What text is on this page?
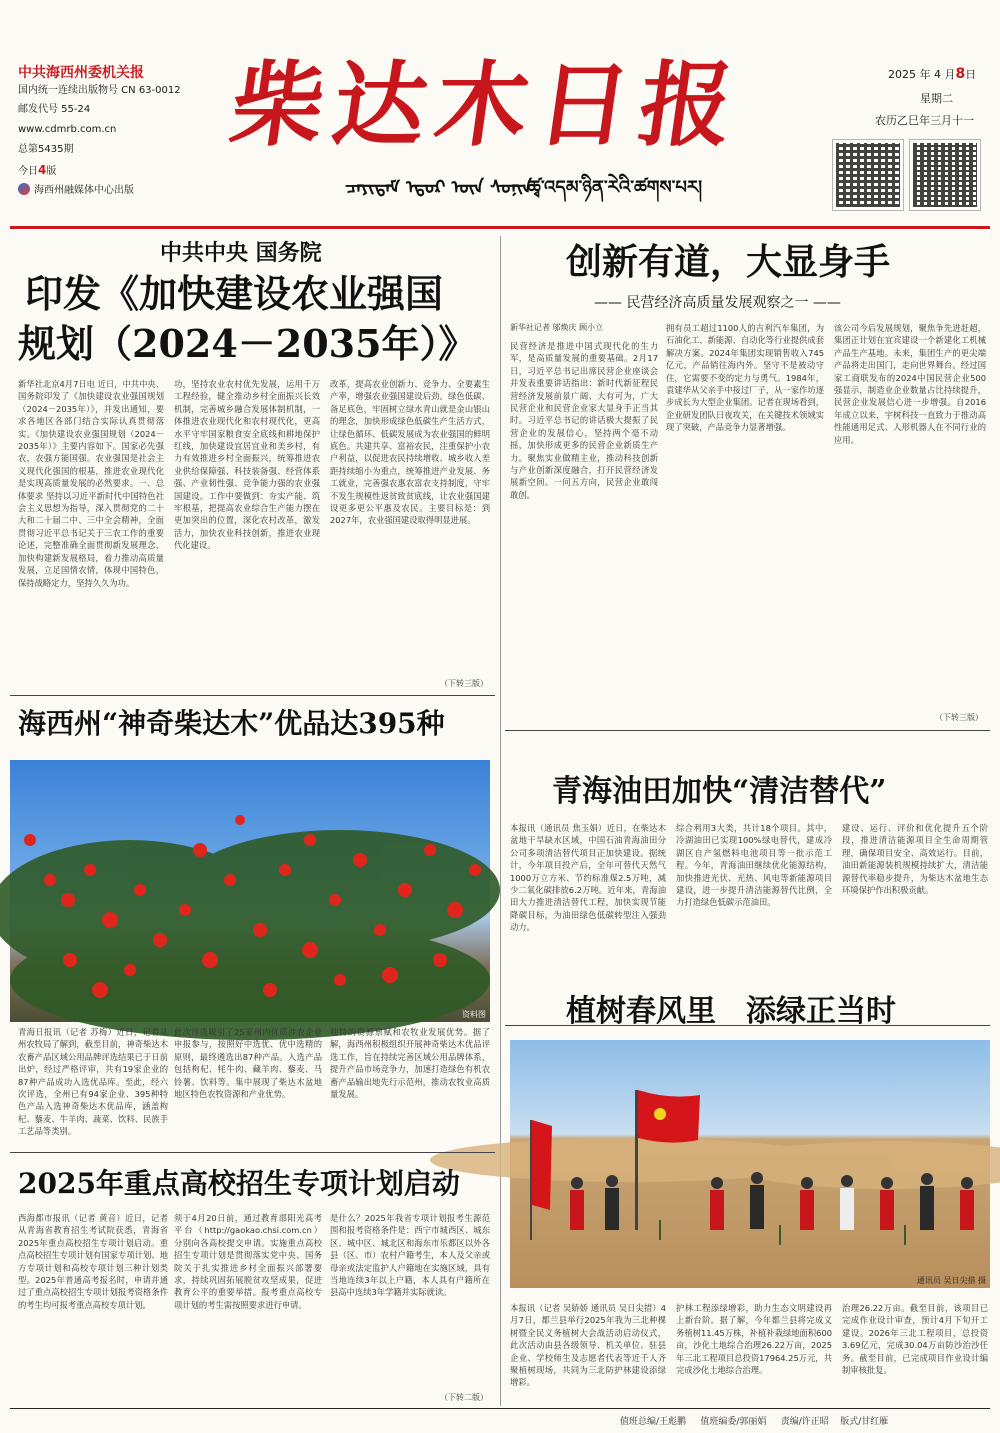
中共海西州委机关报
国内统一连续出版物号 CN 63-0012
邮发代号 55-24
www.cdmrb.com.cn
总第5435期
今日4版
海西州融媒体中心出版
柴达木日报
ᠴᠠᠶᠢᠳᠠᠮ ᠡᠳᠦᠷ ᠦᠨ ᠰᠣᠨᠢᠨ
ཚྭ་འདམ་ཉིན་རེའི་ཚགས་པར།
2025 年 4 月8日
星期二
农历乙巳年三月十一
中共中央 国务院
印发《加快建设农业强国
规划（2024－2035年）》
新华社北京4月7日电 近日，中共中央、国务院印发了《加快建设农业强国规划（2024－2035年）》，并发出通知，要求各地区各部门结合实际认真贯彻落实。《加快建设农业强国规划（2024－2035年）》主要内容如下。国家必先强农，农强方能国强。农业强国是社会主义现代化强国的根基，推进农业现代化是实现高质量发展的必然要求。一、总体要求 坚持以习近平新时代中国特色社会主义思想为指导，深入贯彻党的二十大和二十届二中、三中全会精神，全面贯彻习近平总书记关于三农工作的重要论述，完整准确全面贯彻新发展理念，加快构建新发展格局，着力推动高质量发展，立足国情农情，体现中国特色，保持战略定力，坚持久久为功。
功，坚持农业农村优先发展，运用千万工程经验，健全推动乡村全面振兴长效机制，完善城乡融合发展体制机制，一体推进农业现代化和农村现代化，更高水平守牢国家粮食安全底线和耕地保护红线，加快建设宜居宜业和美乡村，有力有效推进乡村全面振兴，统筹推进农业供给保障强、科技装备强、经营体系强、产业韧性强、竞争能力强的农业强国建设。工作中要做到：夯实产能、筑牢根基，把提高农业综合生产能力摆在更加突出的位置，深化农村改革，激发活力，加快农业科技创新，推进农业现代化建设。
改革，提高农业创新力、竞争力、全要素生产率，增强农业强国建设后劲。绿色低碳、备足底色，牢固树立绿水青山就是金山银山的理念，加快形成绿色低碳生产生活方式，让绿色循环、低碳发展成为农业强国的鲜明底色。共建共享、富裕农民，注重保护小农户利益，以促进农民持续增收、城乡收入差距持续缩小为重点，统筹推进产业发展、务工就业，完善强农惠农富农支持制度，守牢不发生规模性返贫致贫底线，让农业强国建设更多更公平惠及农民。主要目标是：到2027年，农业强国建设取得明显进展。
（下转三版）
创新有道，大显身手
—— 民营经济高质量发展观察之一 ——
新华社记者 邬焕庆 顾小立
民营经济是推进中国式现代化的生力军，是高质量发展的重要基础。2月17日，习近平总书记出席民营企业座谈会并发表重要讲话指出：新时代新征程民营经济发展前景广阔、大有可为，广大民营企业和民营企业家大显身手正当其时。习近平总书记的讲话极大提振了民营企业的发展信心，坚持两个毫不动摇，加快形成更多的民营企业新质生产力。聚焦实业做精主业，推动科技创新与产业创新深度融合，打开民营经济发展新空间。一问五方向，民营企业敢闯敢创。
拥有员工超过1100人的吉利汽车集团，为石油化工、新能源、自动化等行业提供成套解决方案。2024年集团实现销售收入745亿元，产品销往海内外。坚守不是被动守住，它需要不变的定力与勇气。1984年，袁建华从父亲手中接过厂子，从一家作坊逐步成长为大型企业集团。记者在现场看到，企业研发团队日夜攻关，在关键技术领域实现了突破，产品竞争力显著增强。
该公司今后发展规划，聚焦争先进赶超，集团正计划在宜宾建设一个新建化工机械产品生产基地。未来，集团生产的更尖端产品将走出国门，走向世界舞台。经过国家工商联发布的2024中国民营企业500强显示，制造业企业数量占比持续提升，民营企业发展信心进一步增强。自2016年成立以来，宇树科技一直致力于推动高性能通用足式、人形机器人在不同行业的应用。
（下转三版）
海西州“神奇柴达木”优品达395种
资料图
青海日报讯（记者 苏梅）近日，记者从州农牧局了解到，截至目前，神奇柴达木农畜产品区域公用品牌评选结果已于日前出炉，经过严格评审，共有19家企业的87种产品成功入选优品库。至此，经六次评选，全州已有94家企业、395种特色产品入选神奇柴达木优品库，涵盖枸杞、藜麦、牛羊肉、蔬菜、饮料、民族手工艺品等类别。
此次评选吸引了25家州内优质涉农企业申报参与，按照好中选优、优中选精的原则，最终遴选出87种产品。入选产品包括枸杞、牦牛肉、藏羊肉、藜麦、马铃薯、饮料等。集中展现了柴达木盆地地区特色农牧资源和产业优势。
独特的资源禀赋和农牧业发展优势。据了解，海西州积极组织开展神奇柴达木优品评选工作，旨在持续完善区域公用品牌体系，提升产品市场竞争力，加速打造绿色有机农畜产品输出地先行示范州，推动农牧业高质量发展。
青海油田加快“清洁替代”
本报讯（通讯员 焦玉娟）近日，在柴达木盆地干旱缺水区域，中国石油青海油田分公司多项清洁替代项目正加快建设。据统计，今年项目投产后，全年可替代天然气1000万立方米、节约标准煤2.5万吨，减少二氧化碳排放6.2万吨。近年来，青海油田大力推进清洁替代工程，加快实现节能降碳目标，为油田绿色低碳转型注入强劲动力。
综合利用3大类，共计18个项目。其中，冷湖油田已实现100%绿电替代，建成冷湖区自产氢燃料电池项目等一批示范工程。今年，青海油田继续优化能源结构，加快推进光伏、光热、风电等新能源项目建设，进一步提升清洁能源替代比例，全力打造绿色低碳示范油田。
建设、运行、评价和优化提升五个阶段，推进清洁能源项目全生命周期管理，确保项目安全、高效运行。目前，油田新能源装机规模持续扩大，清洁能源替代率稳步提升，为柴达木盆地生态环境保护作出积极贡献。
植树春风里　添绿正当时
通讯员 吴日尖措 摄
本报讯（记者 吴娇娇 通讯员 吴日尖措）4月7日，都兰县举行2025年我为三北种棵树暨全民义务植树大会战活动启动仪式，此次活动由县各级领导、机关单位、驻县企业、学校师生及志愿者代表等近千人齐聚植树现场，共同为三北防护林建设添绿增彩。
护林工程添绿增彩，助力生态文明建设再上新台阶。据了解，今年都兰县将完成义务植树11.45万株，补植补栽绿地面积600亩，沙化土地综合治理26.22万亩，2025年三北工程项目总投资17964.25万元，共完成沙化土地综合治理。
治理26.22万亩。截至目前，该项目已完成作业设计审查，预计4月下旬开工建设。2026年三北工程项目，总投资3.69亿元，完成30.04万亩防沙治沙任务。截至目前，已完成项目作业设计编制审核批复。
2025年重点高校招生专项计划启动
西海都市报讯（记者 黄音）近日，记者从青海省教育招生考试院获悉，青海省2025年重点高校招生专项计划启动。重点高校招生专项计划有国家专项计划、地方专项计划和高校专项计划三种计划类型。2025年普通高考报名时，申请并通过了重点高校招生专项计划报考资格条件的考生均可报考重点高校专项计划。
须于4月20日前，通过教育部阳光高考平台（http://gaokao.chsi.com.cn）分别向各高校提交申请。实施重点高校招生专项计划是贯彻落实党中央、国务院关于扎实推进乡村全面振兴部署要求，持续巩固拓展脱贫攻坚成果，促进教育公平的重要举措。报考重点高校专项计划的考生需按照要求进行申请。
是什么？2025年我省专项计划报考生源范围和报考资格条件是：西宁市城西区、城东区、城中区、城北区和海东市乐都区以外各县（区、市）农村户籍考生，本人及父亲或母亲或法定监护人户籍地在实施区域，具有当地连续3年以上户籍，本人具有户籍所在县高中连续3年学籍并实际就读。
（下转二版）
值班总编/王彪鹏 值班编委/郭丽娟 责编/许正昭 版式/甘红雁
